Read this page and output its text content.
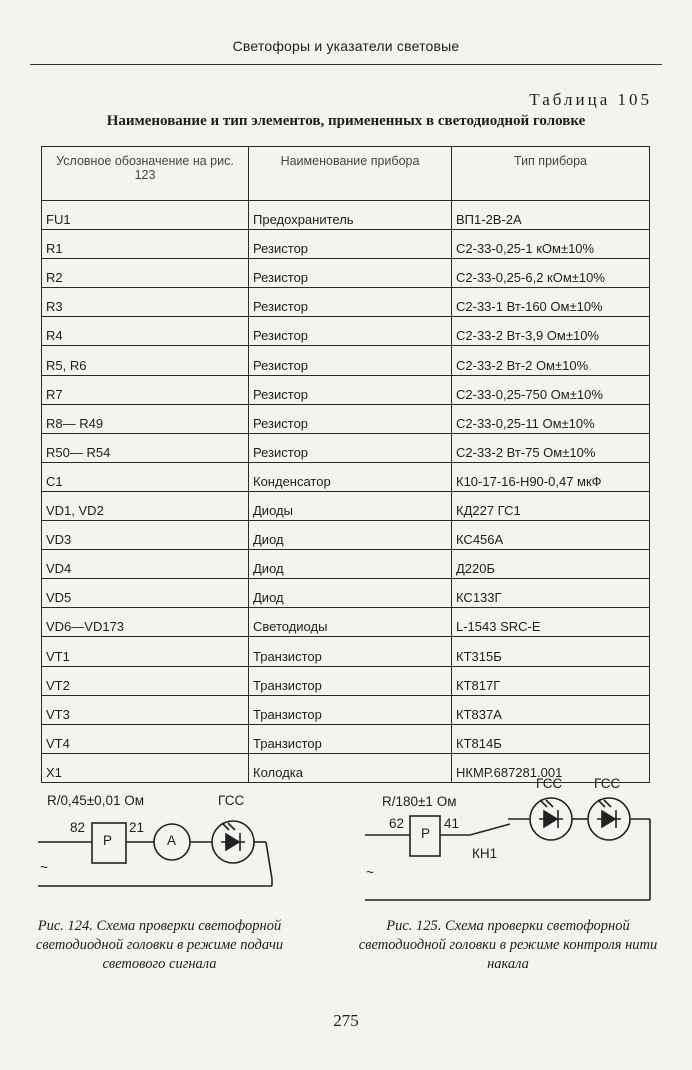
Светофоры и указатели световые
Таблица 105
Наименование и тип элементов, примененных в светодиодной головке
Условное обозначение на рис. 123	Наименование прибора	Тип прибора
FU1	Предохранитель	ВП1-2В-2А
R1	Резистор	С2-33-0,25-1 кОм±10%
R2	Резистор	С2-33-0,25-6,2 кОм±10%
R3	Резистор	С2-33-1 Вт-160 Ом±10%
R4	Резистор	С2-33-2 Вт-3,9 Ом±10%
R5, R6	Резистор	С2-33-2 Вт-2 Ом±10%
R7	Резистор	С2-33-0,25-750 Ом±10%
R8— R49	Резистор	С2-33-0,25-11 Ом±10%
R50— R54	Резистор	С2-33-2 Вт-75 Ом±10%
C1	Конденсатор	К10-17-16-Н90-0,47 мкФ
VD1, VD2	Диоды	КД227 ГС1
VD3	Диод	КС456А
VD4	Диод	Д220Б
VD5	Диод	КС133Г
VD6—VD173	Светодиоды	L-1543 SRC-E
VT1	Транзистор	КТ315Б
VT2	Транзистор	КТ817Г
VT3	Транзистор	КТ837А
VT4	Транзистор	КТ814Б
X1	Колодка	НКМР.687281.001
R/0,45±0,01 Ом	ГСС
82
Р
21
А
~
Рис. 124. Схема проверки светофорной светодиодной головки в режиме подачи светового сигнала
R/180±1 Ом
ГСС ГСС
62
Р
41
КН1
~
Рис. 125. Схема проверки светофорной светодиодной головки в режиме контроля нити накала
275
